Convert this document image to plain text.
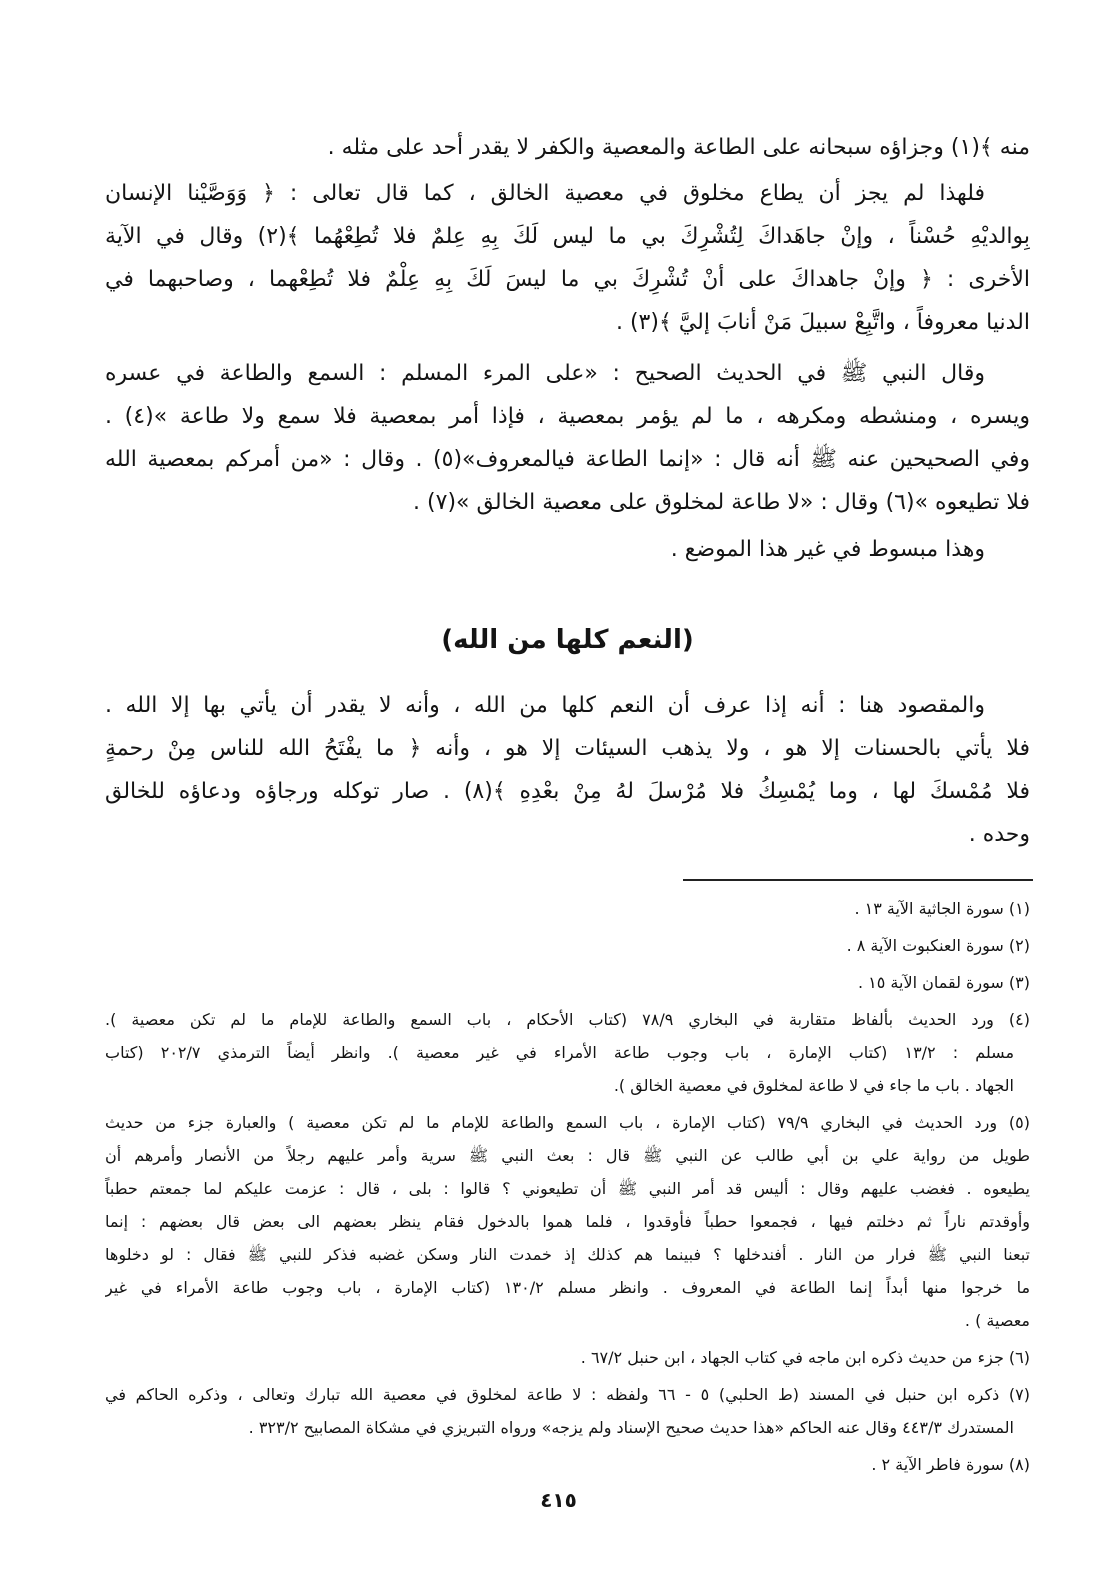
منه ﴾(١) وجزاؤه سبحانه على الطاعة والمعصية والكفر لا يقدر أحد على مثله .
فلهذا لم يجز أن يطاع مخلوق في معصية الخالق ، كما قال تعالى : ﴿ وَوَصَّيْنا الإنسان
بِوالديْهِ حُسْناً ، وإنْ جاهَداكَ لِتُشْرِكَ بي ما ليس لَكَ بِهِ عِلمٌ فلا تُطِعْهُما ﴾(٢) وقال في الآية
الأخرى : ﴿ وإنْ جاهداكَ على أنْ تُشْرِكَ بي ما ليسَ لَكَ بِهِ عِلْمٌ فلا تُطِعْهما ، وصاحبهما في
الدنيا معروفاً ، واتَّبِعْ سبيلَ مَنْ أنابَ إليَّ ﴾(٣) .
وقال النبي ﷺ في الحديث الصحيح : «على المرء المسلم : السمع والطاعة في عسره
ويسره ، ومنشطه ومكرهه ، ما لم يؤمر بمعصية ، فإذا أمر بمعصية فلا سمع ولا طاعة »(٤) .
وفي الصحيحين عنه ﷺ أنه قال : «إنما الطاعة فيالمعروف»(٥) . وقال : «من أمركم بمعصية الله
فلا تطيعوه »(٦) وقال : «لا طاعة لمخلوق على معصية الخالق »(٧) .
وهذا مبسوط في غير هذا الموضع .
(النعم كلها من الله)
والمقصود هنا : أنه إذا عرف أن النعم كلها من الله ، وأنه لا يقدر أن يأتي بها إلا الله .
فلا يأتي بالحسنات إلا هو ، ولا يذهب السيئات إلا هو ، وأنه ﴿ ما يفْتَحُ الله للناس مِنْ رحمةٍ
فلا مُمْسكَ لها ، وما يُمْسِكُ فلا مُرْسلَ لهُ مِنْ بعْدِهِ ﴾(٨) . صار توكله ورجاؤه ودعاؤه للخالق
وحده .
(١) سورة الجاثية الآية ١٣ .
(٢) سورة العنكبوت الآية ٨ .
(٣) سورة لقمان الآية ١٥ .
(٤) ورد الحديث بألفاظ متقاربة في البخاري ٧٨/٩ (كتاب الأحكام ، باب السمع والطاعة للإمام ما لم تكن معصية ).
مسلم : ١٣/٢ (كتاب الإمارة ، باب وجوب طاعة الأمراء في غير معصية ). وانظر أيضاً الترمذي ٢٠٢/٧ (كتاب
الجهاد . باب ما جاء في لا طاعة لمخلوق في معصية الخالق ).
(٥) ورد الحديث في البخاري ٧٩/٩ (كتاب الإمارة ، باب السمع والطاعة للإمام ما لم تكن معصية ) والعبارة جزء من حديث
طويل من رواية علي بن أبي طالب عن النبي ﷺ قال : بعث النبي ﷺ سرية وأمر عليهم رجلاً من الأنصار وأمرهم أن
يطيعوه . فغضب عليهم وقال : أليس قد أمر النبي ﷺ أن تطيعوني ؟ قالوا : بلى ، قال : عزمت عليكم لما جمعتم حطباً
وأوقدتم ناراً ثم دخلتم فيها ، فجمعوا حطباً فأوقدوا ، فلما هموا بالدخول فقام ينظر بعضهم الى بعض قال بعضهم : إنما
تبعنا النبي ﷺ فرار من النار . أفندخلها ؟ فبينما هم كذلك إذ خمدت النار وسكن غضبه فذكر للنبي ﷺ فقال : لو دخلوها
ما خرجوا منها أبداً إنما الطاعة في المعروف . وانظر مسلم ١٣٠/٢ (كتاب الإمارة ، باب وجوب طاعة الأمراء في غير
معصية ) .
(٦) جزء من حديث ذكره ابن ماجه في كتاب الجهاد ، ابن حنبل ٦٧/٢ .
(٧) ذكره ابن حنبل في المسند (ط الحلبي) ٥ - ٦٦ ولفظه : لا طاعة لمخلوق في معصية الله تبارك وتعالى ، وذكره الحاكم في
المستدرك ٤٤٣/٣ وقال عنه الحاكم «هذا حديث صحيح الإسناد ولم يزجه» ورواه التبريزي في مشكاة المصابيح ٣٢٣/٢ .
(٨) سورة فاطر الآية ٢ .
٤١٥
